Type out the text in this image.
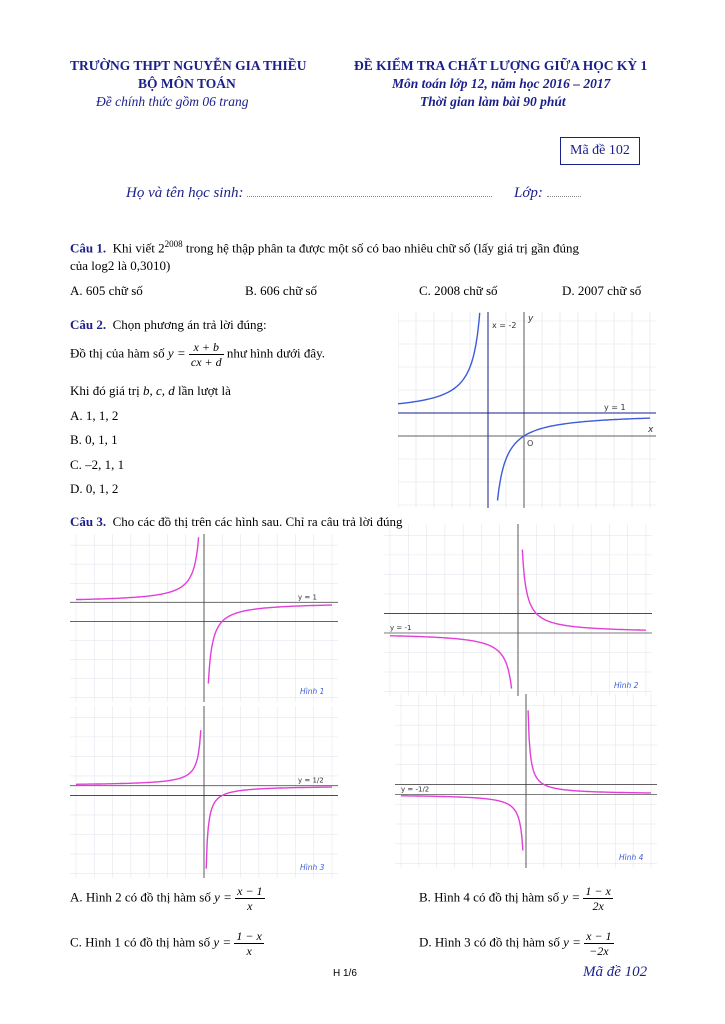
TRƯỜNG THPT NGUYỄN GIA THIỀU
BỘ MÔN TOÁN
Đề chính thức gồm 06 trang
ĐỀ KIỂM TRA CHẤT LƯỢNG GIỮA HỌC KỲ 1
Môn toán lớp 12, năm học 2016 – 2017
Thời gian làm bài 90 phút
Mã đề 102
Họ và tên học sinh:	Lớp:
Câu 1. Khi viết $2^{2008}$ trong hệ thập phân ta được một số có bao nhiêu chữ số (lấy giá trị gần đúng
của log2 là 0,3010)
A. 605 chữ số	B. 606 chữ số	C. 2008 chữ số	D. 2007 chữ số
Câu 2. Chọn phương án trả lời đúng:
Đồ thị của hàm số $y = \frac{x + b}{cx + d}$ như hình dưới đây.
Khi đó giá trị b, c, d lần lượt là
A. 1, 1, 2
B. 0, 1, 1
C. –2, 1, 1
D. 0, 1, 2
x = -2
y = 1
x
y
O
Câu 3. Cho các đồ thị trên các hình sau. Chỉ ra câu trả lời đúng
y = 1
Hình 1
y = -1
Hình 2
y = 1/2
Hình 3
y = -1/2
Hình 4
A. Hình 2 có đồ thị hàm số $y = \frac{x - 1}{x}$	B. Hình 4 có đồ thị hàm số $y = \frac{1 - x}{2x}$
C. Hình 1 có đồ thị hàm số $y = \frac{1 - x}{x}$	D. Hình 3 có đồ thị hàm số $y = \frac{x - 1}{-2x}$
H 1/6	Mã đề 102
